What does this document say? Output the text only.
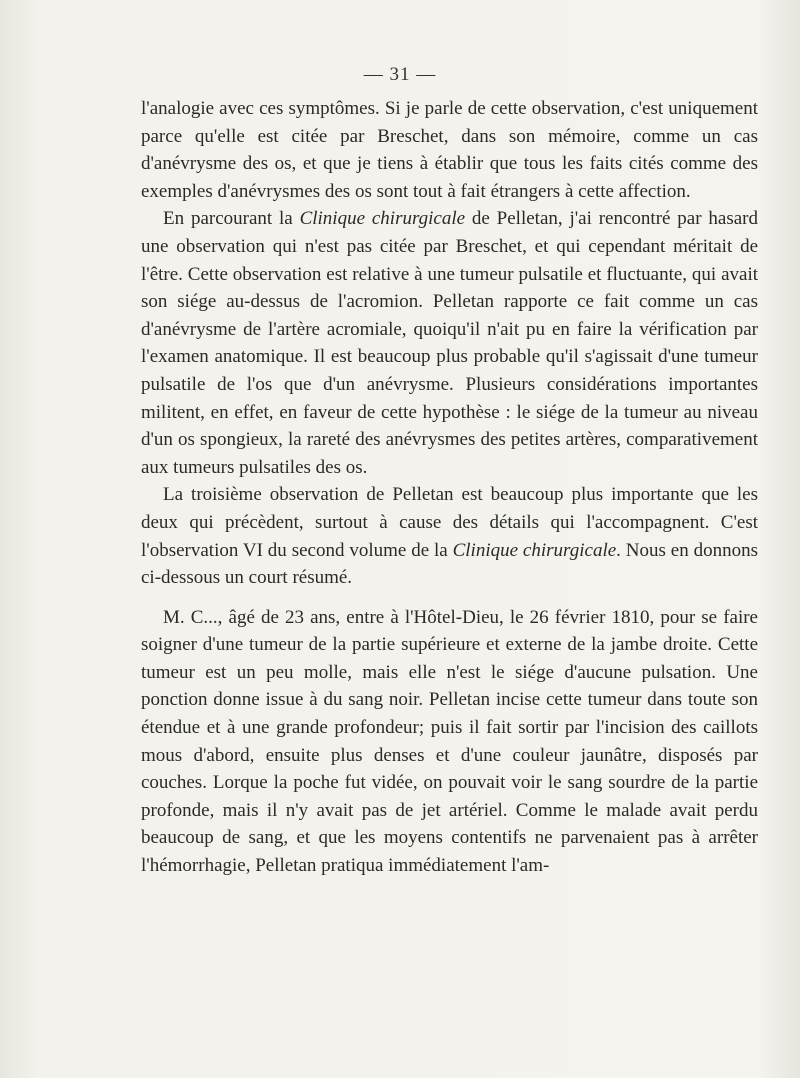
— 31 —

l'analogie avec ces symptômes. Si je parle de cette observation, c'est uniquement parce qu'elle est citée par Breschet, dans son mémoire, comme un cas d'anévrysme des os, et que je tiens à établir que tous les faits cités comme des exemples d'anévrysmes des os sont tout à fait étrangers à cette affection.

En parcourant la Clinique chirurgicale de Pelletan, j'ai rencontré par hasard une observation qui n'est pas citée par Breschet, et qui cependant méritait de l'être. Cette observation est relative à une tumeur pulsatile et fluctuante, qui avait son siége au-dessus de l'acromion. Pelletan rapporte ce fait comme un cas d'anévrysme de l'artère acromiale, quoiqu'il n'ait pu en faire la vérification par l'examen anatomique. Il est beaucoup plus probable qu'il s'agissait d'une tumeur pulsatile de l'os que d'un anévrysme. Plusieurs considérations importantes militent, en effet, en faveur de cette hypothèse : le siége de la tumeur au niveau d'un os spongieux, la rareté des anévrysmes des petites artères, comparativement aux tumeurs pulsatiles des os.

La troisième observation de Pelletan est beaucoup plus importante que les deux qui précèdent, surtout à cause des détails qui l'accompagnent. C'est l'observation VI du second volume de la Clinique chirurgicale. Nous en donnons ci-dessous un court résumé.

M. C..., âgé de 23 ans, entre à l'Hôtel-Dieu, le 26 février 1810, pour se faire soigner d'une tumeur de la partie supérieure et externe de la jambe droite. Cette tumeur est un peu molle, mais elle n'est le siége d'aucune pulsation. Une ponction donne issue à du sang noir. Pelletan incise cette tumeur dans toute son étendue et à une grande profondeur; puis il fait sortir par l'incision des caillots mous d'abord, ensuite plus denses et d'une couleur jaunâtre, disposés par couches. Lorque la poche fut vidée, on pouvait voir le sang sourdre de la partie profonde, mais il n'y avait pas de jet artériel. Comme le malade avait perdu beaucoup de sang, et que les moyens contentifs ne parvenaient pas à arrêter l'hémorrhagie, Pelletan pratiqua immédiatement l'am-
